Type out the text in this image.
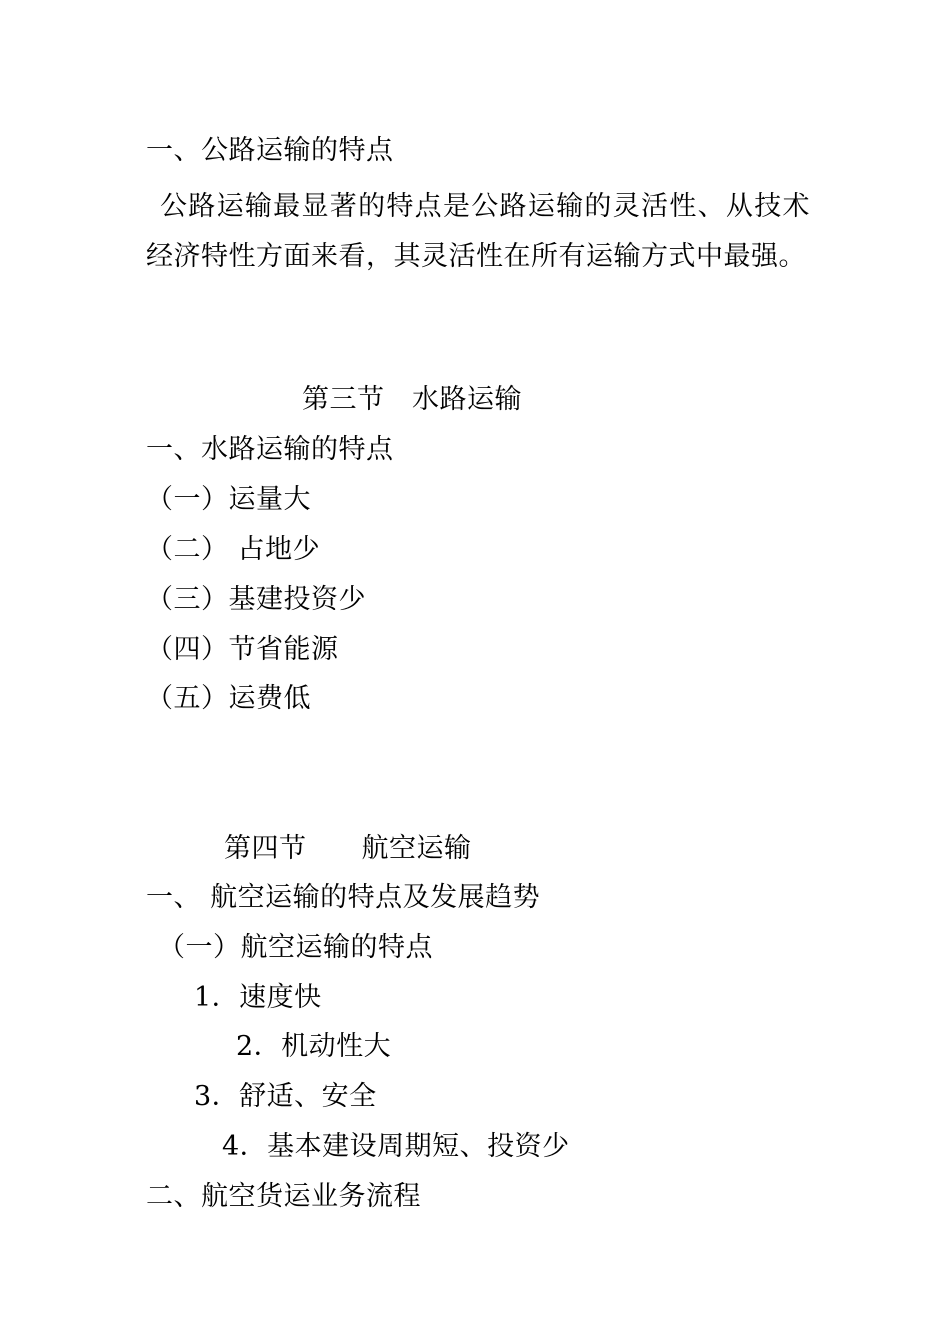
一、公路运输的特点
公路运输最显著的特点是公路运输的灵活性、从技术经济特性方面来看，其灵活性在所有运输方式中最强。
第三节　水路运输
一、水路运输的特点
（一）运量大
（二） 占地少
（三）基建投资少
（四）节省能源
（五）运费低
第四节　　航空运输
一、 航空运输的特点及发展趋势
（一）航空运输的特点
1．速度快
2．机动性大
3．舒适、安全
4．基本建设周期短、投资少
二、航空货运业务流程
